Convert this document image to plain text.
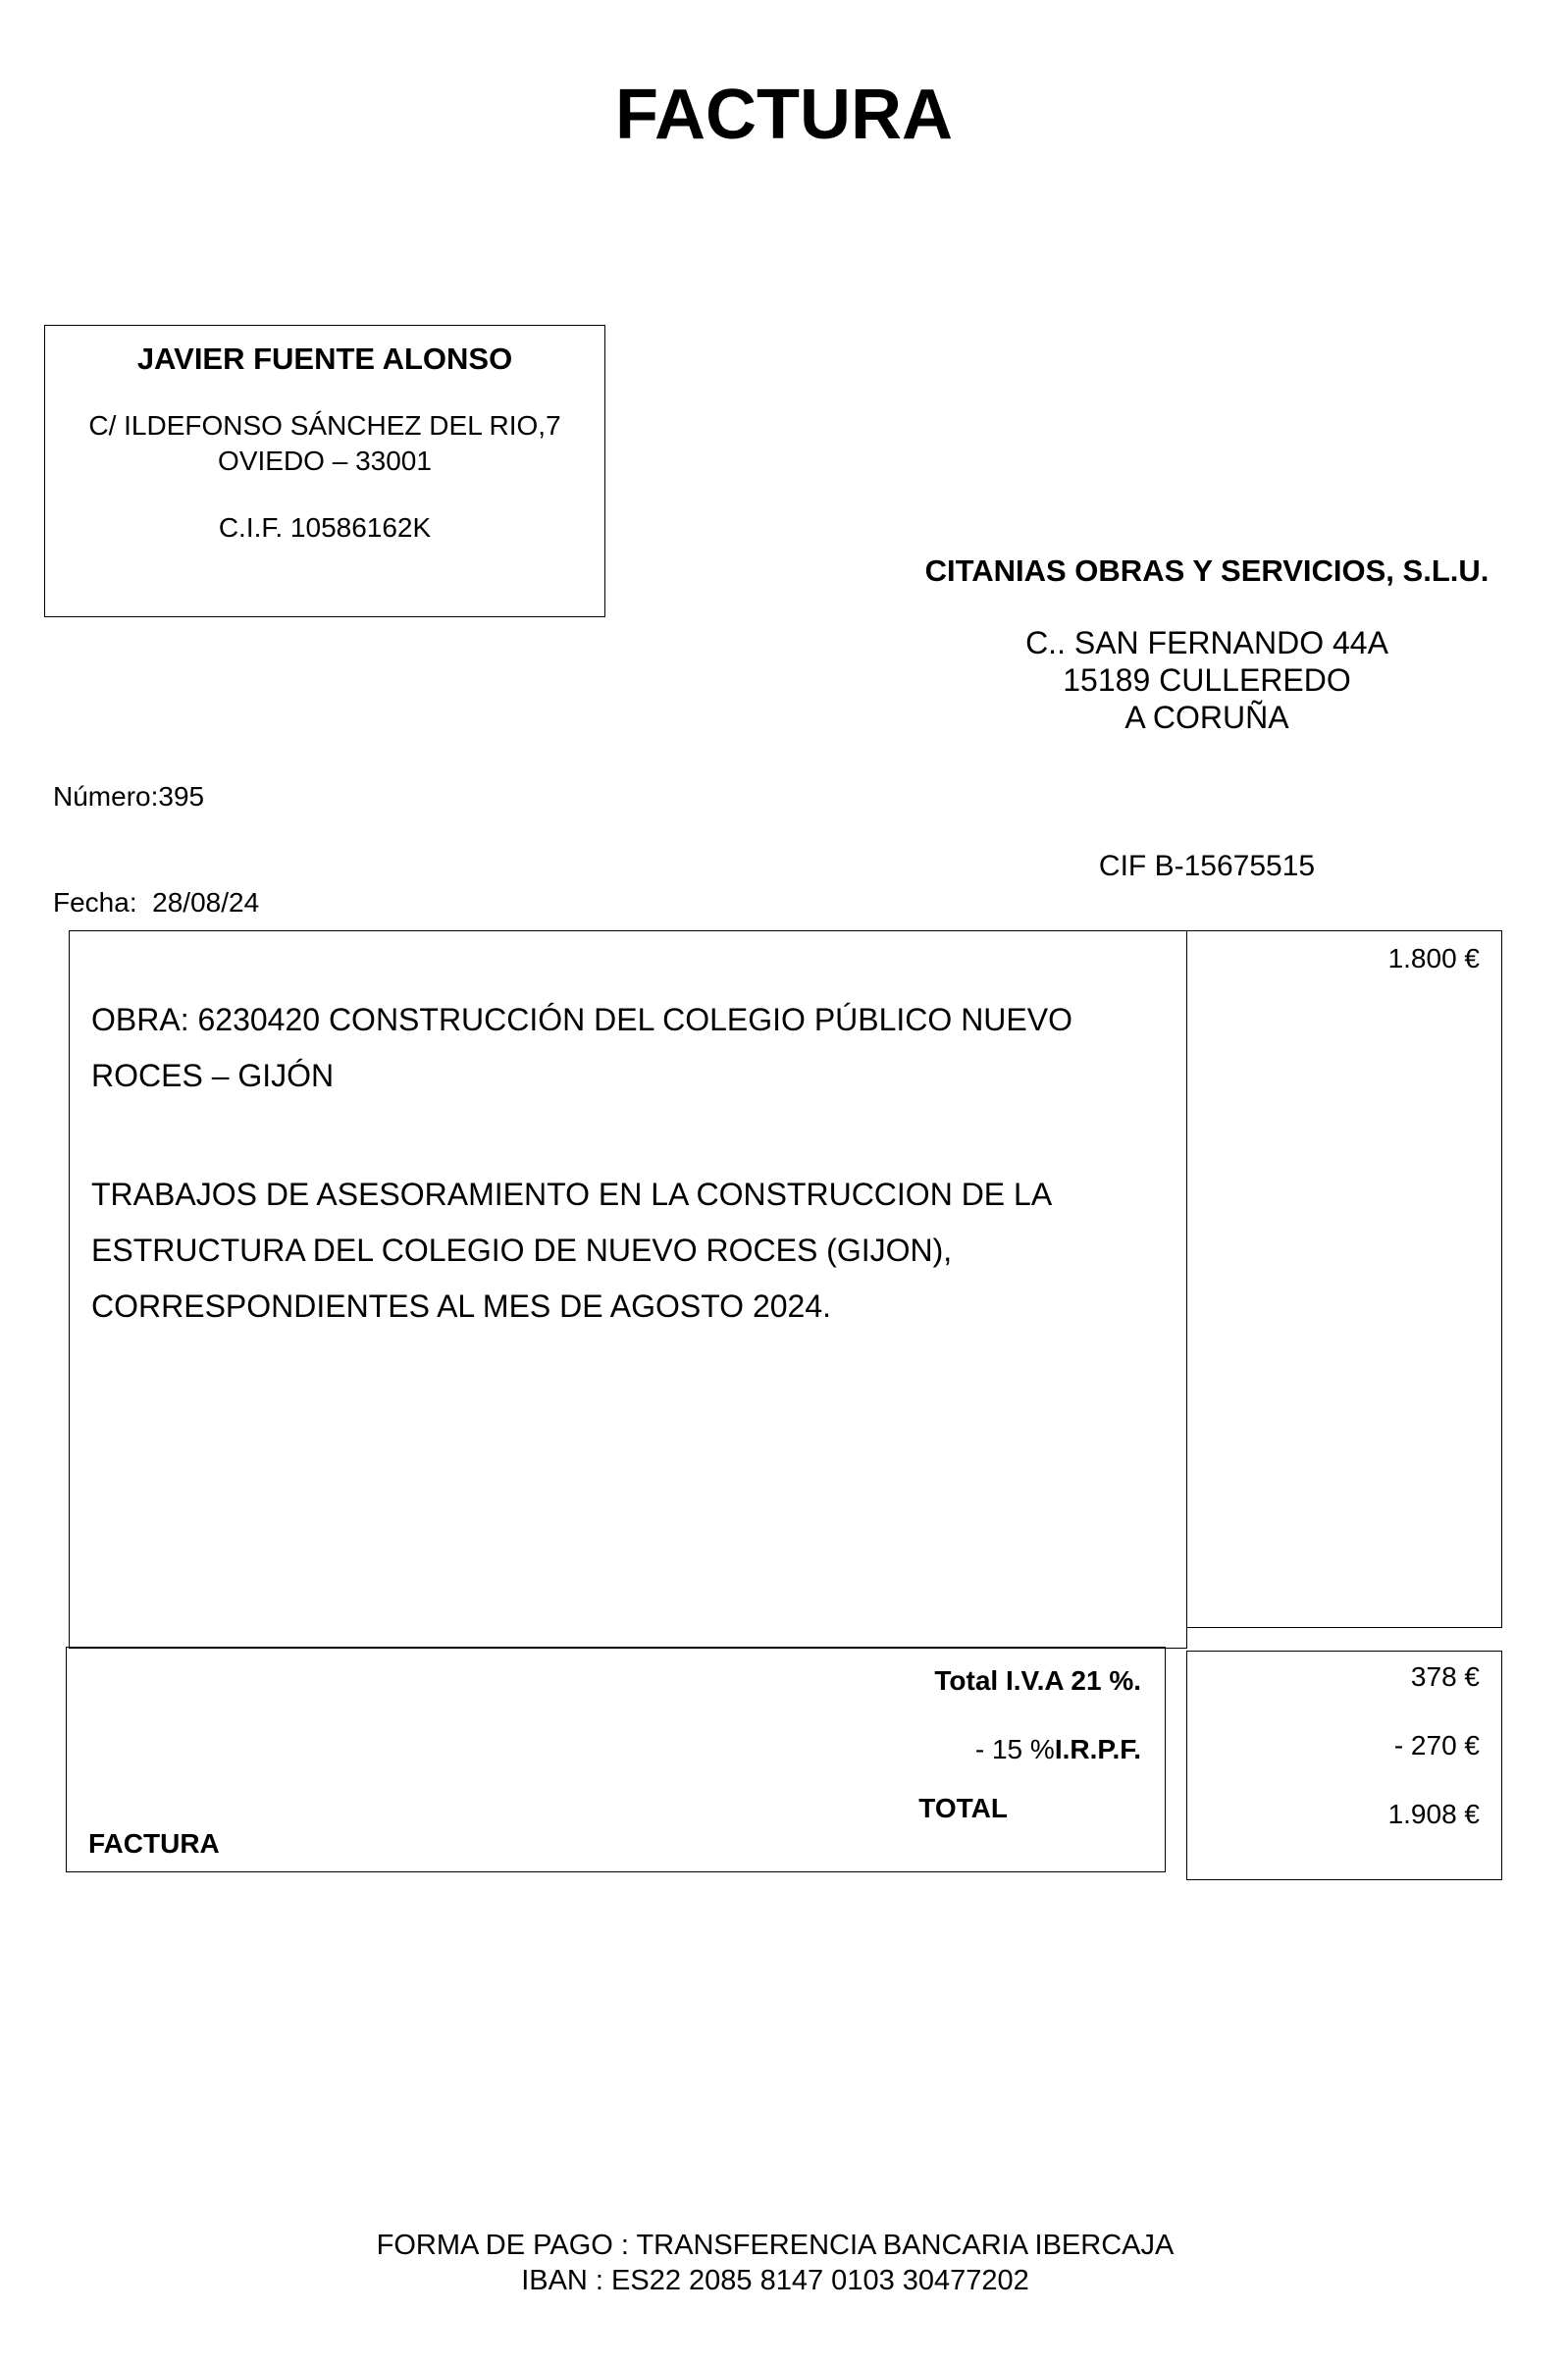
FACTURA
JAVIER FUENTE ALONSO
C/ ILDEFONSO SÁNCHEZ DEL RIO,7
OVIEDO – 33001
C.I.F. 10586162K
CITANIAS OBRAS Y SERVICIOS, S.L.U.
C.. SAN FERNANDO 44A
15189 CULLEREDO
A CORUÑA
CIF B-15675515

Número:395

Fecha:  28/08/24

OBRA: 6230420 CONSTRUCCIÓN DEL COLEGIO PÚBLICO NUEVO
ROCES – GIJÓN
TRABAJOS DE ASESORAMIENTO EN LA CONSTRUCCION DE LA
ESTRUCTURA DEL COLEGIO DE NUEVO ROCES (GIJON),
CORRESPONDIENTES AL MES DE AGOSTO 2024.
1.800 €
Total I.V.A 21 %.
- 15 %I.R.P.F.
TOTAL
FACTURA
378 €
- 270 €
1.908 €
FORMA DE PAGO : TRANSFERENCIA BANCARIA IBERCAJA
IBAN : ES22 2085 8147 0103 30477202
